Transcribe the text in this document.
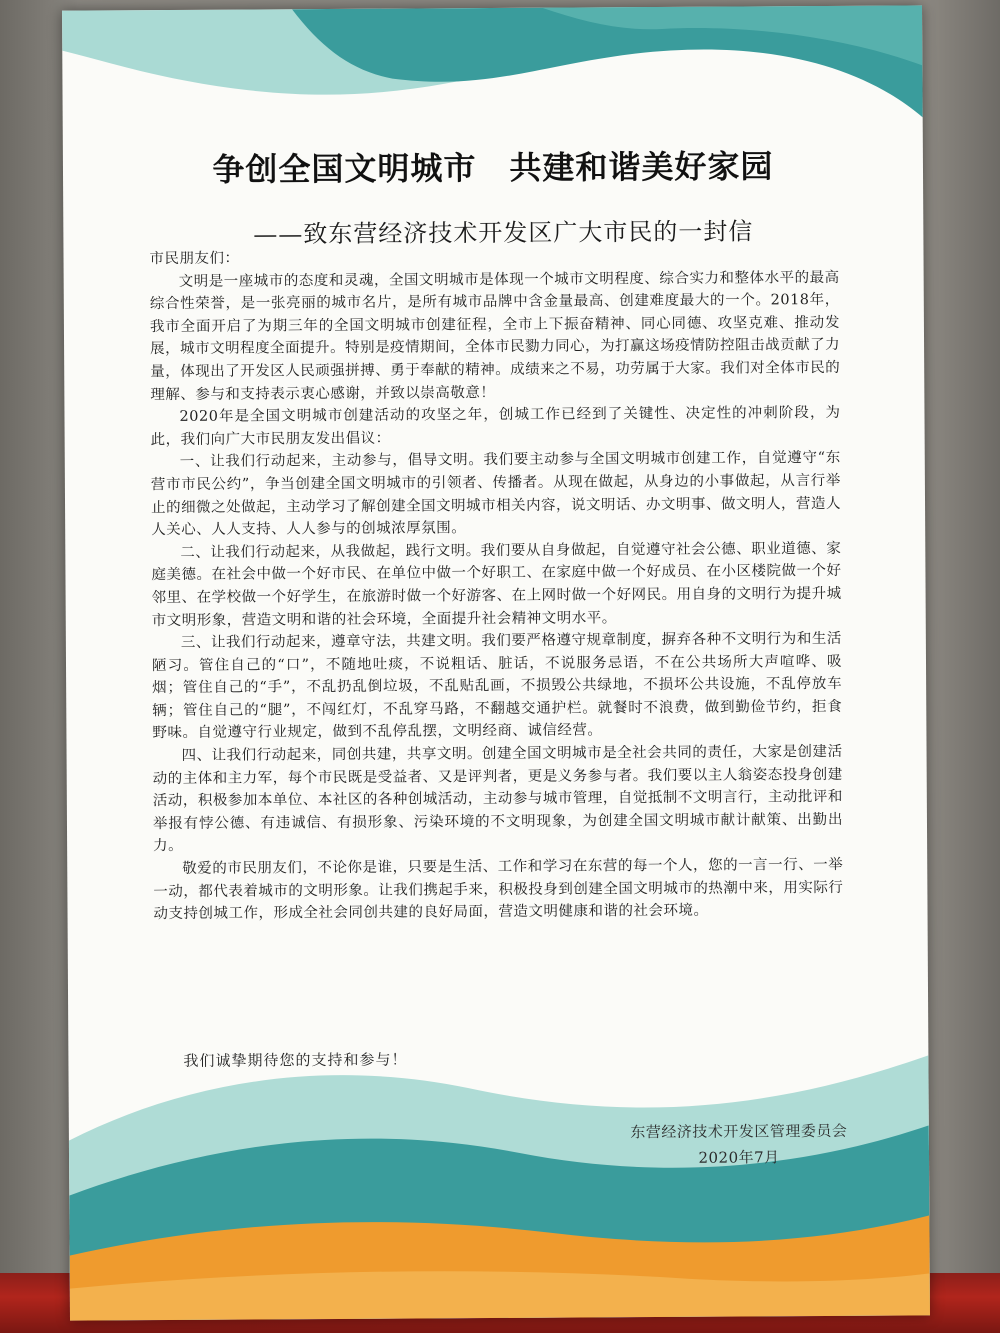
争创全国文明城市　共建和谐美好家园
——致东营经济技术开发区广大市民的一封信

市民朋友们：

文明是一座城市的态度和灵魂，全国文明城市是体现一个城市文明程度、综合实力和整体水平的最高综合性荣誉，是一张亮丽的城市名片，是所有城市品牌中含金量最高、创建难度最大的一个。2018年，我市全面开启了为期三年的全国文明城市创建征程，全市上下振奋精神、同心同德、攻坚克难、推动发展，城市文明程度全面提升。特别是疫情期间，全体市民勠力同心，为打赢这场疫情防控阻击战贡献了力量，体现出了开发区人民顽强拼搏、勇于奉献的精神。成绩来之不易，功劳属于大家。我们对全体市民的理解、参与和支持表示衷心感谢，并致以崇高敬意！

2020年是全国文明城市创建活动的攻坚之年，创城工作已经到了关键性、决定性的冲刺阶段，为此，我们向广大市民朋友发出倡议：

一、让我们行动起来，主动参与，倡导文明。我们要主动参与全国文明城市创建工作，自觉遵守“东营市市民公约”，争当创建全国文明城市的引领者、传播者。从现在做起，从身边的小事做起，从言行举止的细微之处做起，主动学习了解创建全国文明城市相关内容，说文明话、办文明事、做文明人，营造人人关心、人人支持、人人参与的创城浓厚氛围。

二、让我们行动起来，从我做起，践行文明。我们要从自身做起，自觉遵守社会公德、职业道德、家庭美德。在社会中做一个好市民、在单位中做一个好职工、在家庭中做一个好成员、在小区楼院做一个好邻里、在学校做一个好学生，在旅游时做一个好游客、在上网时做一个好网民。用自身的文明行为提升城市文明形象，营造文明和谐的社会环境，全面提升社会精神文明水平。

三、让我们行动起来，遵章守法，共建文明。我们要严格遵守规章制度，摒弃各种不文明行为和生活陋习。管住自己的“口”，不随地吐痰，不说粗话、脏话，不说服务忌语，不在公共场所大声喧哗、吸烟；管住自己的“手”，不乱扔乱倒垃圾，不乱贴乱画，不损毁公共绿地，不损坏公共设施，不乱停放车辆；管住自己的“腿”，不闯红灯，不乱穿马路，不翻越交通护栏。就餐时不浪费，做到勤俭节约，拒食野味。自觉遵守行业规定，做到不乱停乱摆，文明经商、诚信经营。

四、让我们行动起来，同创共建，共享文明。创建全国文明城市是全社会共同的责任，大家是创建活动的主体和主力军，每个市民既是受益者、又是评判者，更是义务参与者。我们要以主人翁姿态投身创建活动，积极参加本单位、本社区的各种创城活动，主动参与城市管理，自觉抵制不文明言行，主动批评和举报有悖公德、有违诚信、有损形象、污染环境的不文明现象，为创建全国文明城市献计献策、出勤出力。

敬爱的市民朋友们，不论你是谁，只要是生活、工作和学习在东营的每一个人，您的一言一行、一举一动，都代表着城市的文明形象。让我们携起手来，积极投身到创建全国文明城市的热潮中来，用实际行动支持创城工作，形成全社会同创共建的良好局面，营造文明健康和谐的社会环境。

我们诚挚期待您的支持和参与！
东营经济技术开发区管理委员会
2020年7月
